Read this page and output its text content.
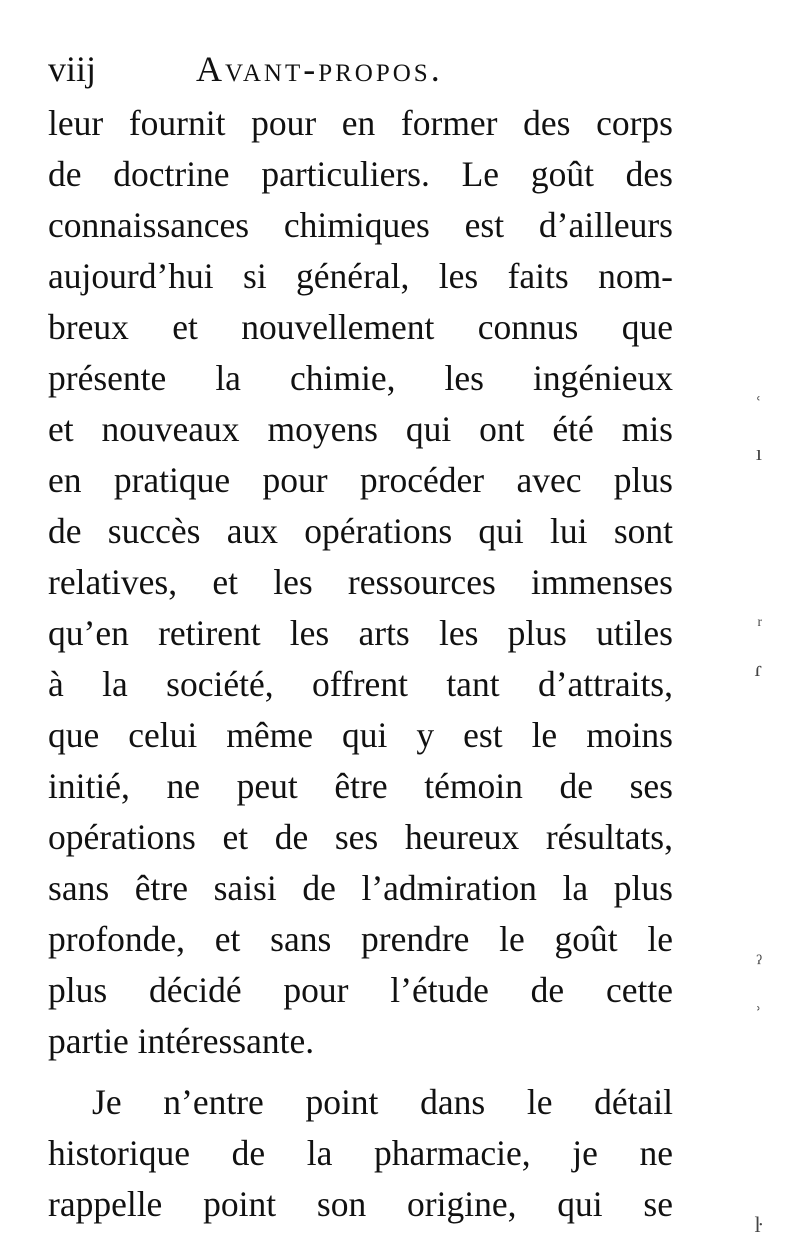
viij	Avant-propos.
leur fournit pour en former des corps
de doctrine particuliers. Le goût des
connaissances chimiques est d’ailleurs
aujourd’hui si général, les faits nom-
breux et nouvellement connus que
présente la chimie, les ingénieux
et nouveaux moyens qui ont été mis
en pratique pour procéder avec plus
de succès aux opérations qui lui sont
relatives, et les ressources immenses
qu’en retirent les arts les plus utiles
à la société, offrent tant d’attraits,
que celui même qui y est le moins
initié, ne peut être témoin de ses
opérations et de ses heureux résultats,
sans être saisi de l’admiration la plus
profonde, et sans prendre le goût le
plus décidé pour l’étude de cette
partie intéressante.
Je n’entre point dans le détail
historique de la pharmacie, je ne
rappelle point son origine, qui se
ʿ
ı
ʳ
ɾ
ˀ
ʾ
ŀ
